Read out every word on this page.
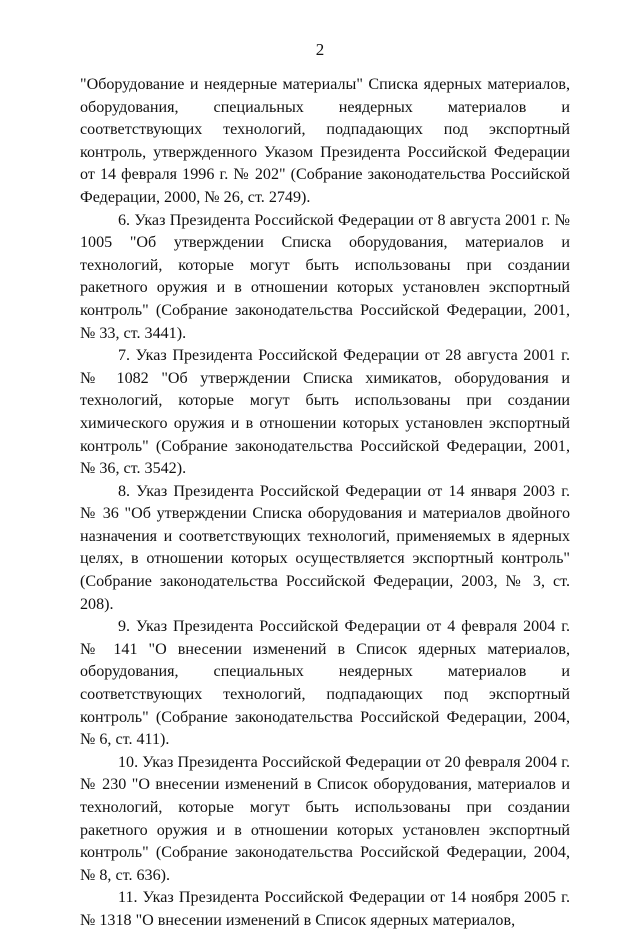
2

"Оборудование и неядерные материалы" Списка ядерных материалов, оборудования, специальных неядерных материалов и соответствующих технологий, подпадающих под экспортный контроль, утвержденного Указом Президента Российской Федерации от 14 февраля 1996 г. № 202" (Собрание законодательства Российской Федерации, 2000, № 26, ст. 2749).

6. Указ Президента Российской Федерации от 8 августа 2001 г. № 1005 "Об утверждении Списка оборудования, материалов и технологий, которые могут быть использованы при создании ракетного оружия и в отношении которых установлен экспортный контроль" (Собрание законодательства Российской Федерации, 2001, № 33, ст. 3441).

7. Указ Президента Российской Федерации от 28 августа 2001 г. № 1082 "Об утверждении Списка химикатов, оборудования и технологий, которые могут быть использованы при создании химического оружия и в отношении которых установлен экспортный контроль" (Собрание законодательства Российской Федерации, 2001, № 36, ст. 3542).

8. Указ Президента Российской Федерации от 14 января 2003 г. № 36 "Об утверждении Списка оборудования и материалов двойного назначения и соответствующих технологий, применяемых в ядерных целях, в отношении которых осуществляется экспортный контроль" (Собрание законодательства Российской Федерации, 2003, № 3, ст. 208).

9. Указ Президента Российской Федерации от 4 февраля 2004 г. № 141 "О внесении изменений в Список ядерных материалов, оборудования, специальных неядерных материалов и соответствующих технологий, подпадающих под экспортный контроль" (Собрание законодательства Российской Федерации, 2004, № 6, ст. 411).

10. Указ Президента Российской Федерации от 20 февраля 2004 г. № 230 "О внесении изменений в Список оборудования, материалов и технологий, которые могут быть использованы при создании ракетного оружия и в отношении которых установлен экспортный контроль" (Собрание законодательства Российской Федерации, 2004, № 8, ст. 636).

11. Указ Президента Российской Федерации от 14 ноября 2005 г. № 1318 "О внесении изменений в Список ядерных материалов,
